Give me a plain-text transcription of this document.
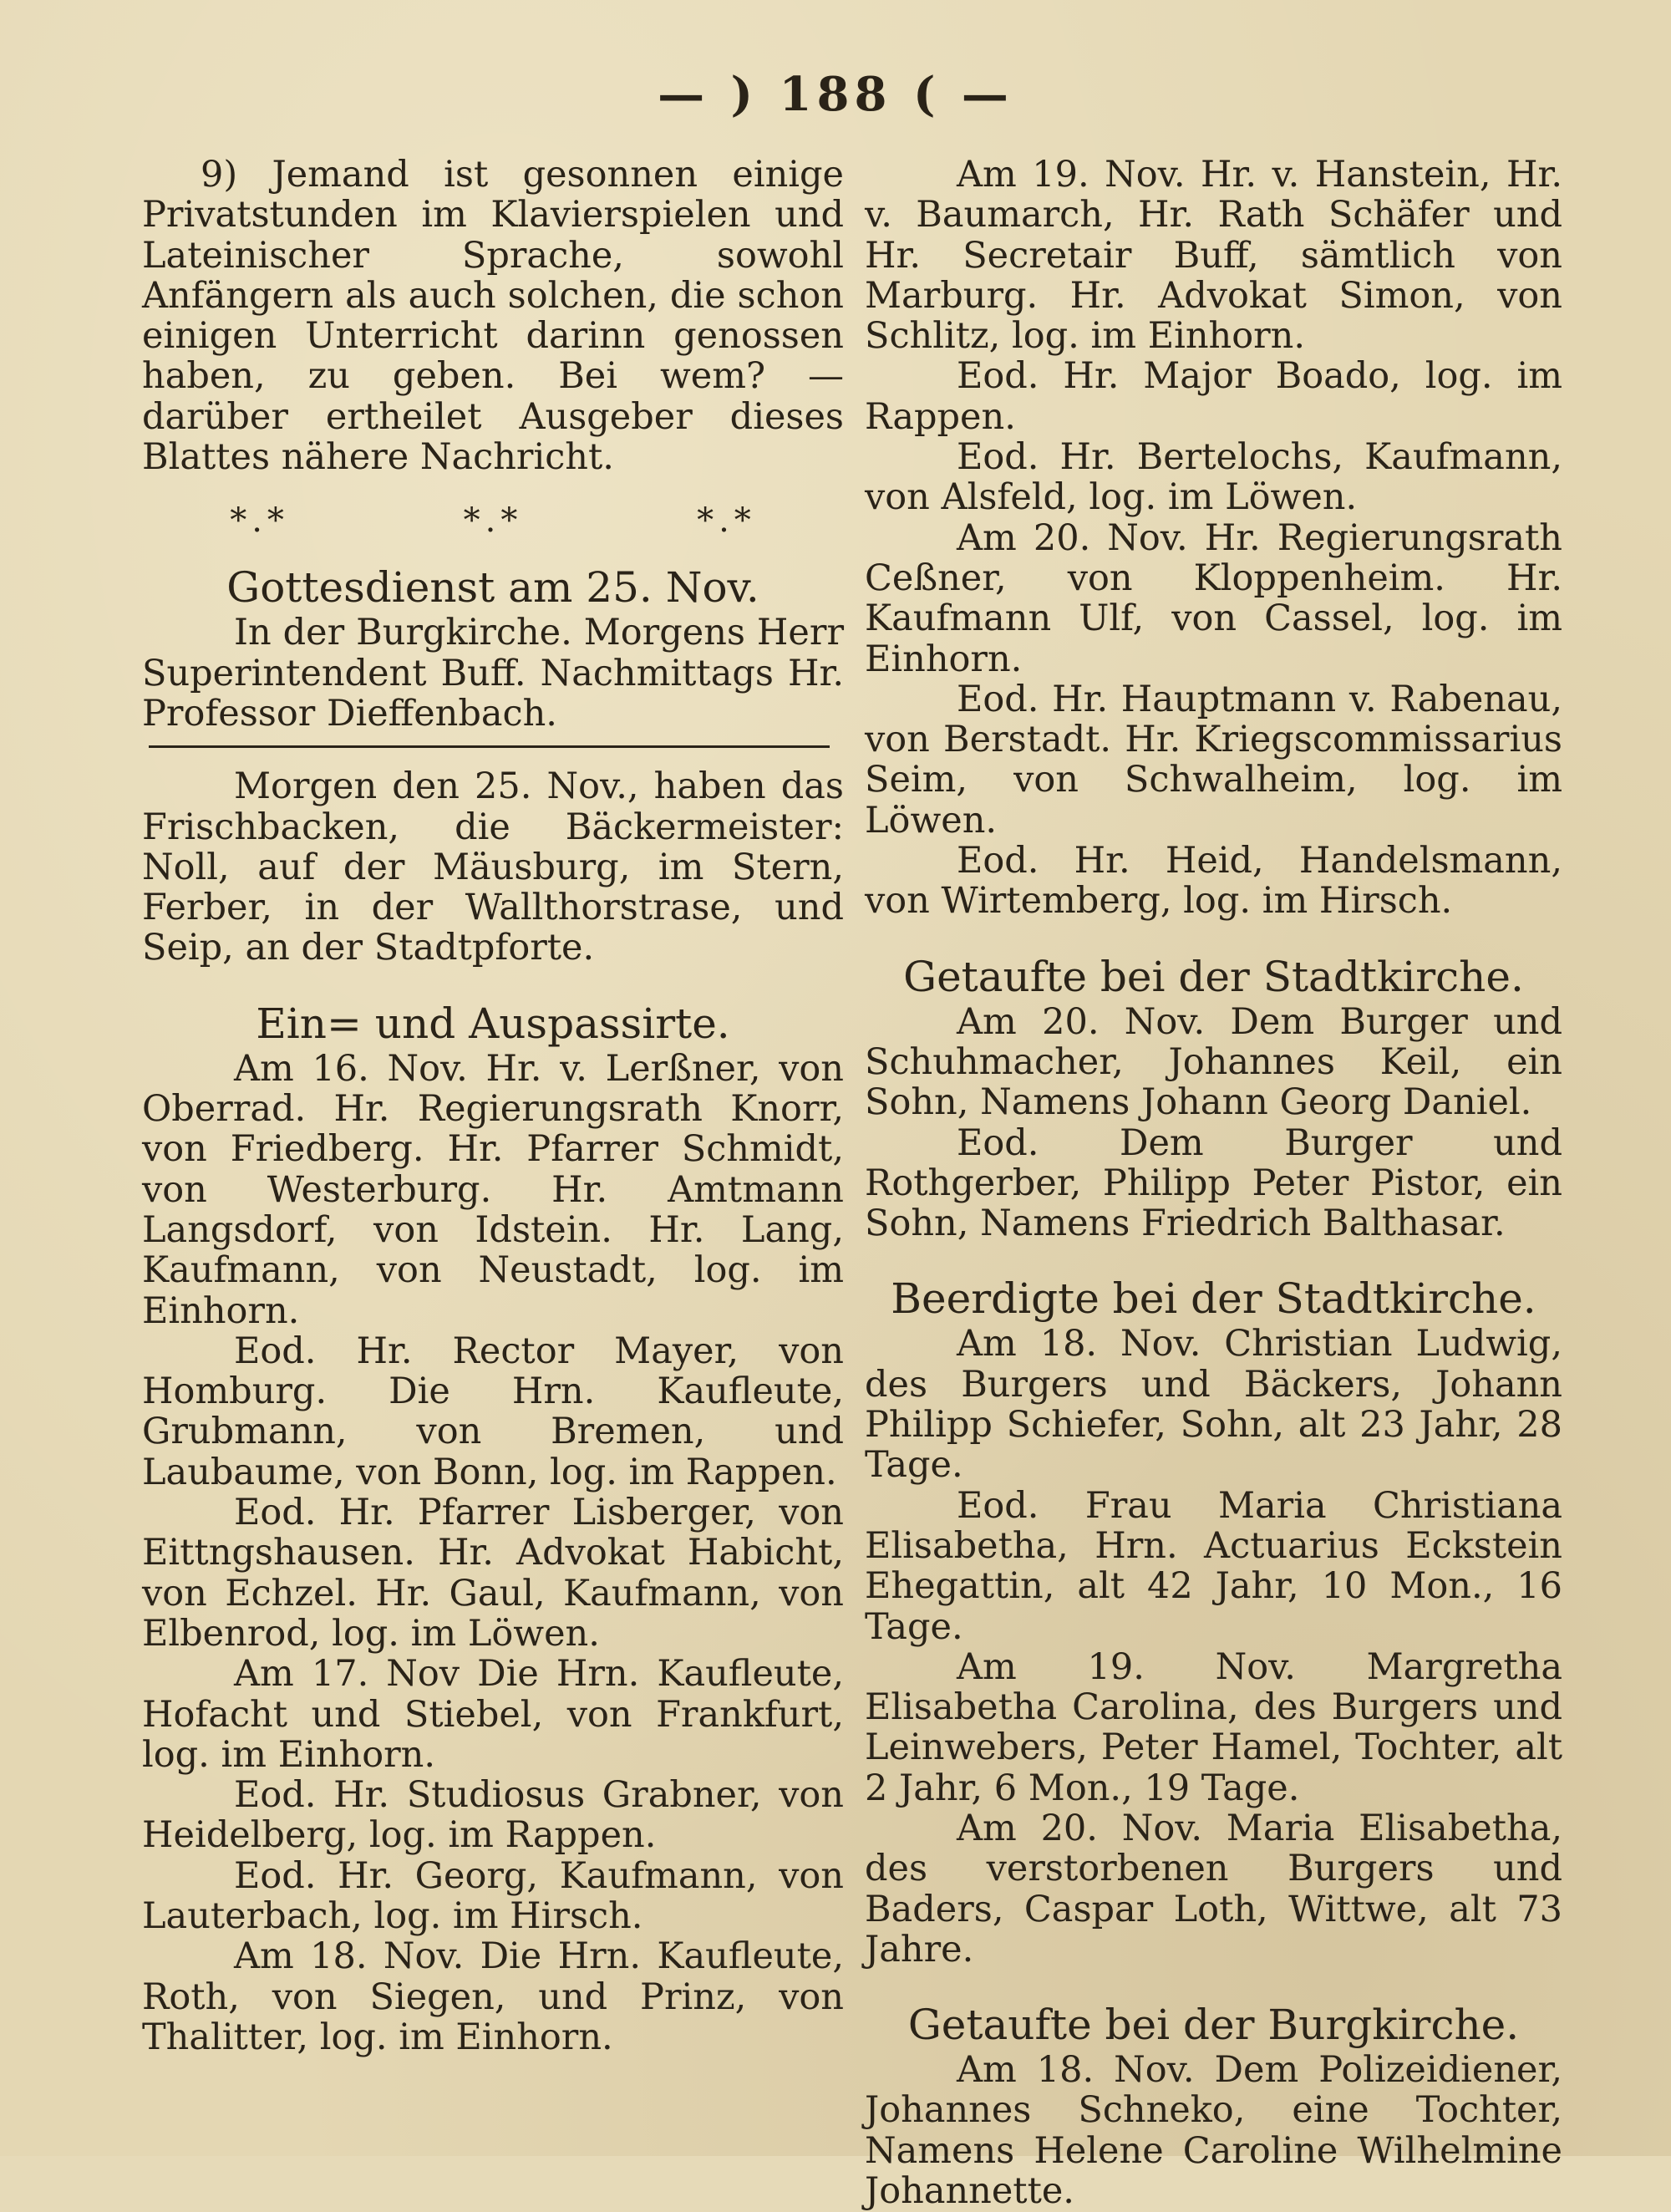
— ) 188 ( —

9) Jemand ist gesonnen einige Privatstunden im Klavierspielen und Lateinischer Sprache, sowohl Anfängern als auch solchen, die schon einigen Unterricht darinn genossen haben, zu geben. Bei wem? — darüber ertheilet Ausgeber dieses Blattes nähere Nachricht.

*.*	*.*	*.*
Gottesdienst am 25. Nov.

In der Burgkirche. Morgens Herr Superintendent Buff. Nachmittags Hr. Professor Dieffenbach.

Morgen den 25. Nov., haben das Frischbacken, die Bäckermeister: Noll, auf der Mäusburg, im Stern, Ferber, in der Wallthorstrase, und Seip, an der Stadtpforte.

Ein= und Auspassirte.

Am 16. Nov. Hr. v. Lerßner, von Oberrad. Hr. Regierungsrath Knorr, von Friedberg. Hr. Pfarrer Schmidt, von Westerburg. Hr. Amtmann Langsdorf, von Idstein. Hr. Lang, Kaufmann, von Neustadt, log. im Einhorn.

Eod. Hr. Rector Mayer, von Homburg. Die Hrn. Kaufleute, Grubmann, von Bremen, und Laubaume, von Bonn, log. im Rappen.

Eod. Hr. Pfarrer Lisberger, von Eittngshausen. Hr. Advokat Habicht, von Echzel. Hr. Gaul, Kaufmann, von Elbenrod, log. im Löwen.

Am 17. Nov Die Hrn. Kaufleute, Hofacht und Stiebel, von Frankfurt, log. im Einhorn.

Eod. Hr. Studiosus Grabner, von Heidelberg, log. im Rappen.

Eod. Hr. Georg, Kaufmann, von Lauterbach, log. im Hirsch.

Am 18. Nov. Die Hrn. Kaufleute, Roth, von Siegen, und Prinz, von Thalitter, log. im Einhorn.

Am 19. Nov. Hr. v. Hanstein, Hr. v. Baumarch, Hr. Rath Schäfer und Hr. Secretair Buff, sämtlich von Marburg. Hr. Advokat Simon, von Schlitz, log. im Einhorn.

Eod. Hr. Major Boado, log. im Rappen.

Eod. Hr. Bertelochs, Kaufmann, von Alsfeld, log. im Löwen.

Am 20. Nov. Hr. Regierungsrath Ceßner, von Kloppenheim. Hr. Kaufmann Ulf, von Cassel, log. im Einhorn.

Eod. Hr. Hauptmann v. Rabenau, von Berstadt. Hr. Kriegscommissarius Seim, von Schwalheim, log. im Löwen.

Eod. Hr. Heid, Handelsmann, von Wirtemberg, log. im Hirsch.

Getaufte bei der Stadtkirche.

Am 20. Nov. Dem Burger und Schuhmacher, Johannes Keil, ein Sohn, Namens Johann Georg Daniel.

Eod. Dem Burger und Rothgerber, Philipp Peter Pistor, ein Sohn, Namens Friedrich Balthasar.

Beerdigte bei der Stadtkirche.

Am 18. Nov. Christian Ludwig, des Burgers und Bäckers, Johann Philipp Schiefer, Sohn, alt 23 Jahr, 28 Tage.

Eod. Frau Maria Christiana Elisabetha, Hrn. Actuarius Eckstein Ehegattin, alt 42 Jahr, 10 Mon., 16 Tage.

Am 19. Nov. Margretha Elisabetha Carolina, des Burgers und Leinwebers, Peter Hamel, Tochter, alt 2 Jahr, 6 Mon., 19 Tage.

Am 20. Nov. Maria Elisabetha, des verstorbenen Burgers und Baders, Caspar Loth, Wittwe, alt 73 Jahre.

Getaufte bei der Burgkirche.

Am 18. Nov. Dem Polizeidiener, Johannes Schneko, eine Tochter, Namens Helene Caroline Wilhelmine Johannette.
